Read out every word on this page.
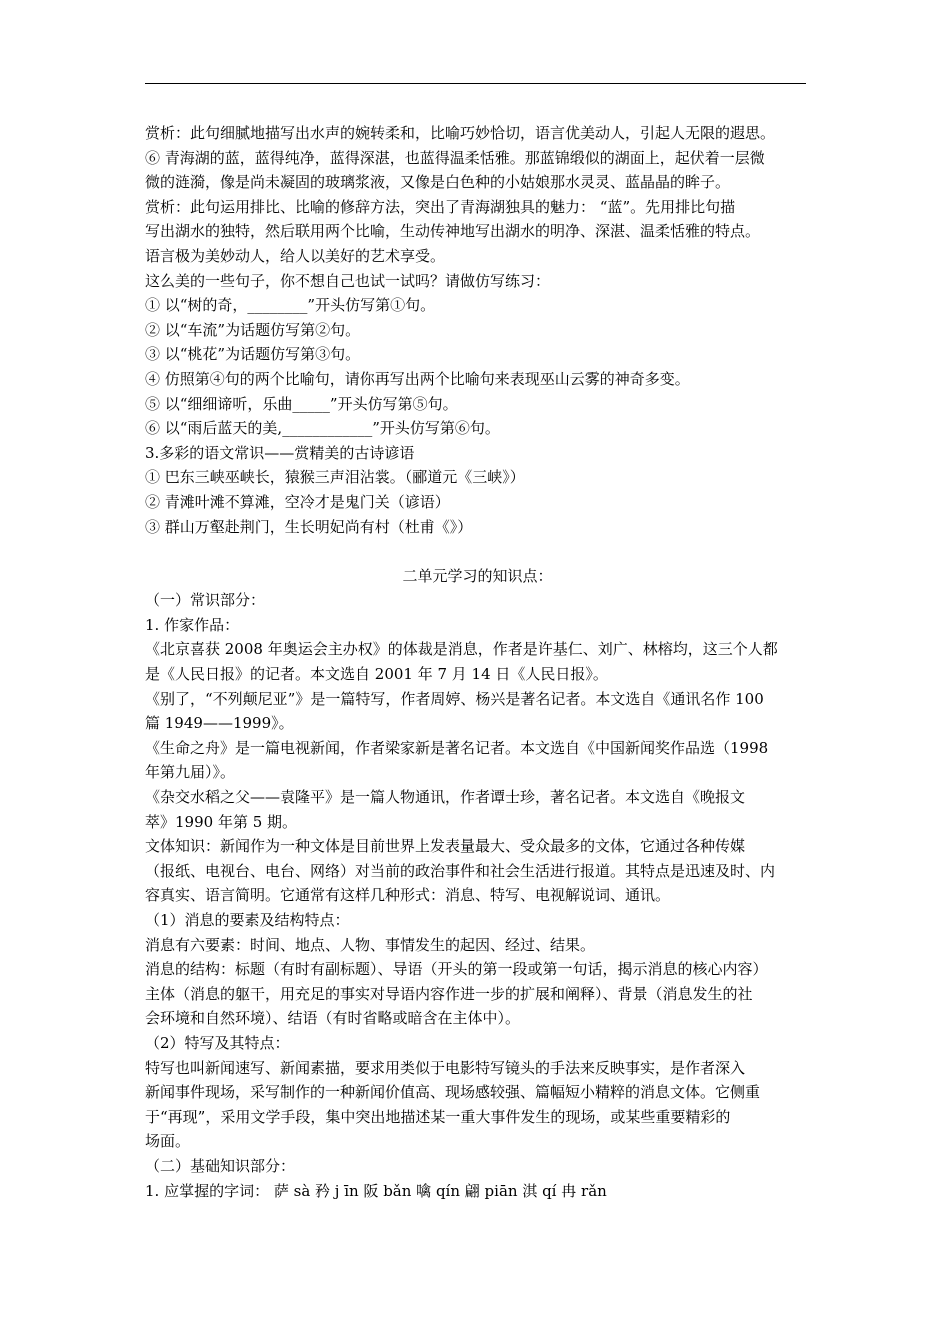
赏析：此句细腻地描写出水声的婉转柔和，比喻巧妙恰切，语言优美动人，引起人无限的遐思。
⑥ 青海湖的蓝，蓝得纯净，蓝得深湛，也蓝得温柔恬雅。那蓝锦缎似的湖面上，起伏着一层微
微的涟漪，像是尚未凝固的玻璃浆液，又像是白色种的小姑娘那水灵灵、蓝晶晶的眸子。
赏析：此句运用排比、比喻的修辞方法，突出了青海湖独具的魅力： “蓝”。先用排比句描
写出湖水的独特，然后联用两个比喻，生动传神地写出湖水的明净、深湛、温柔恬雅的特点。
语言极为美妙动人，给人以美好的艺术享受。
这么美的一些句子，你不想自己也试一试吗？请做仿写练习：
① 以“树的奇，________”开头仿写第①句。
② 以“车流”为话题仿写第②句。
③ 以“桃花”为话题仿写第③句。
④ 仿照第④句的两个比喻句，请你再写出两个比喻句来表现巫山云雾的神奇多变。
⑤ 以“细细谛听，乐曲_____”开头仿写第⑤句。
⑥ 以“雨后蓝天的美,____________”开头仿写第⑥句。
3.多彩的语文常识——赏精美的古诗谚语
① 巴东三峡巫峡长，猿猴三声泪沾裳。（郦道元《三峡》）
② 青滩叶滩不算滩，空冷才是鬼门关（谚语）
③ 群山万壑赴荆门，生长明妃尚有村（杜甫《》）
二单元学习的知识点：
（一）常识部分：
1. 作家作品：
《北京喜获 2008 年奥运会主办权》的体裁是消息，作者是许基仁、刘广、林榕均，这三个人都
是《人民日报》的记者。本文选自 2001 年 7 月 14 日《人民日报》。
《别了，“不列颠尼亚”》是一篇特写，作者周婷、杨兴是著名记者。本文选自《通讯名作 100
篇 1949——1999》。
《生命之舟》是一篇电视新闻，作者梁家新是著名记者。本文选自《中国新闻奖作品选（1998
年第九届）》。
《杂交水稻之父——袁隆平》是一篇人物通讯，作者谭士珍，著名记者。本文选自《晚报文
萃》1990 年第 5 期。
文体知识：新闻作为一种文体是目前世界上发表量最大、受众最多的文体，它通过各种传媒
（报纸、电视台、电台、网络）对当前的政治事件和社会生活进行报道。其特点是迅速及时、内
容真实、语言简明。它通常有这样几种形式：消息、特写、电视解说词、通讯。
（1）消息的要素及结构特点：
消息有六要素：时间、地点、人物、事情发生的起因、经过、结果。
消息的结构：标题（有时有副标题）、导语（开头的第一段或第一句话，揭示消息的核心内容）
主体（消息的躯干，用充足的事实对导语内容作进一步的扩展和阐释）、背景（消息发生的社
会环境和自然环境）、结语（有时省略或暗含在主体中）。
（2）特写及其特点：
特写也叫新闻速写、新闻素描，要求用类似于电影特写镜头的手法来反映事实，是作者深入
新闻事件现场，采写制作的一种新闻价值高、现场感较强、篇幅短小精粹的消息文体。它侧重
于“再现”，采用文学手段，集中突出地描述某一重大事件发生的现场，或某些重要精彩的
场面。
（二）基础知识部分：
1. 应掌握的字词： 萨 sà 矜 j īn 阪 bǎn 噙 qín 翩 piān 淇 qí 冉 rǎn
